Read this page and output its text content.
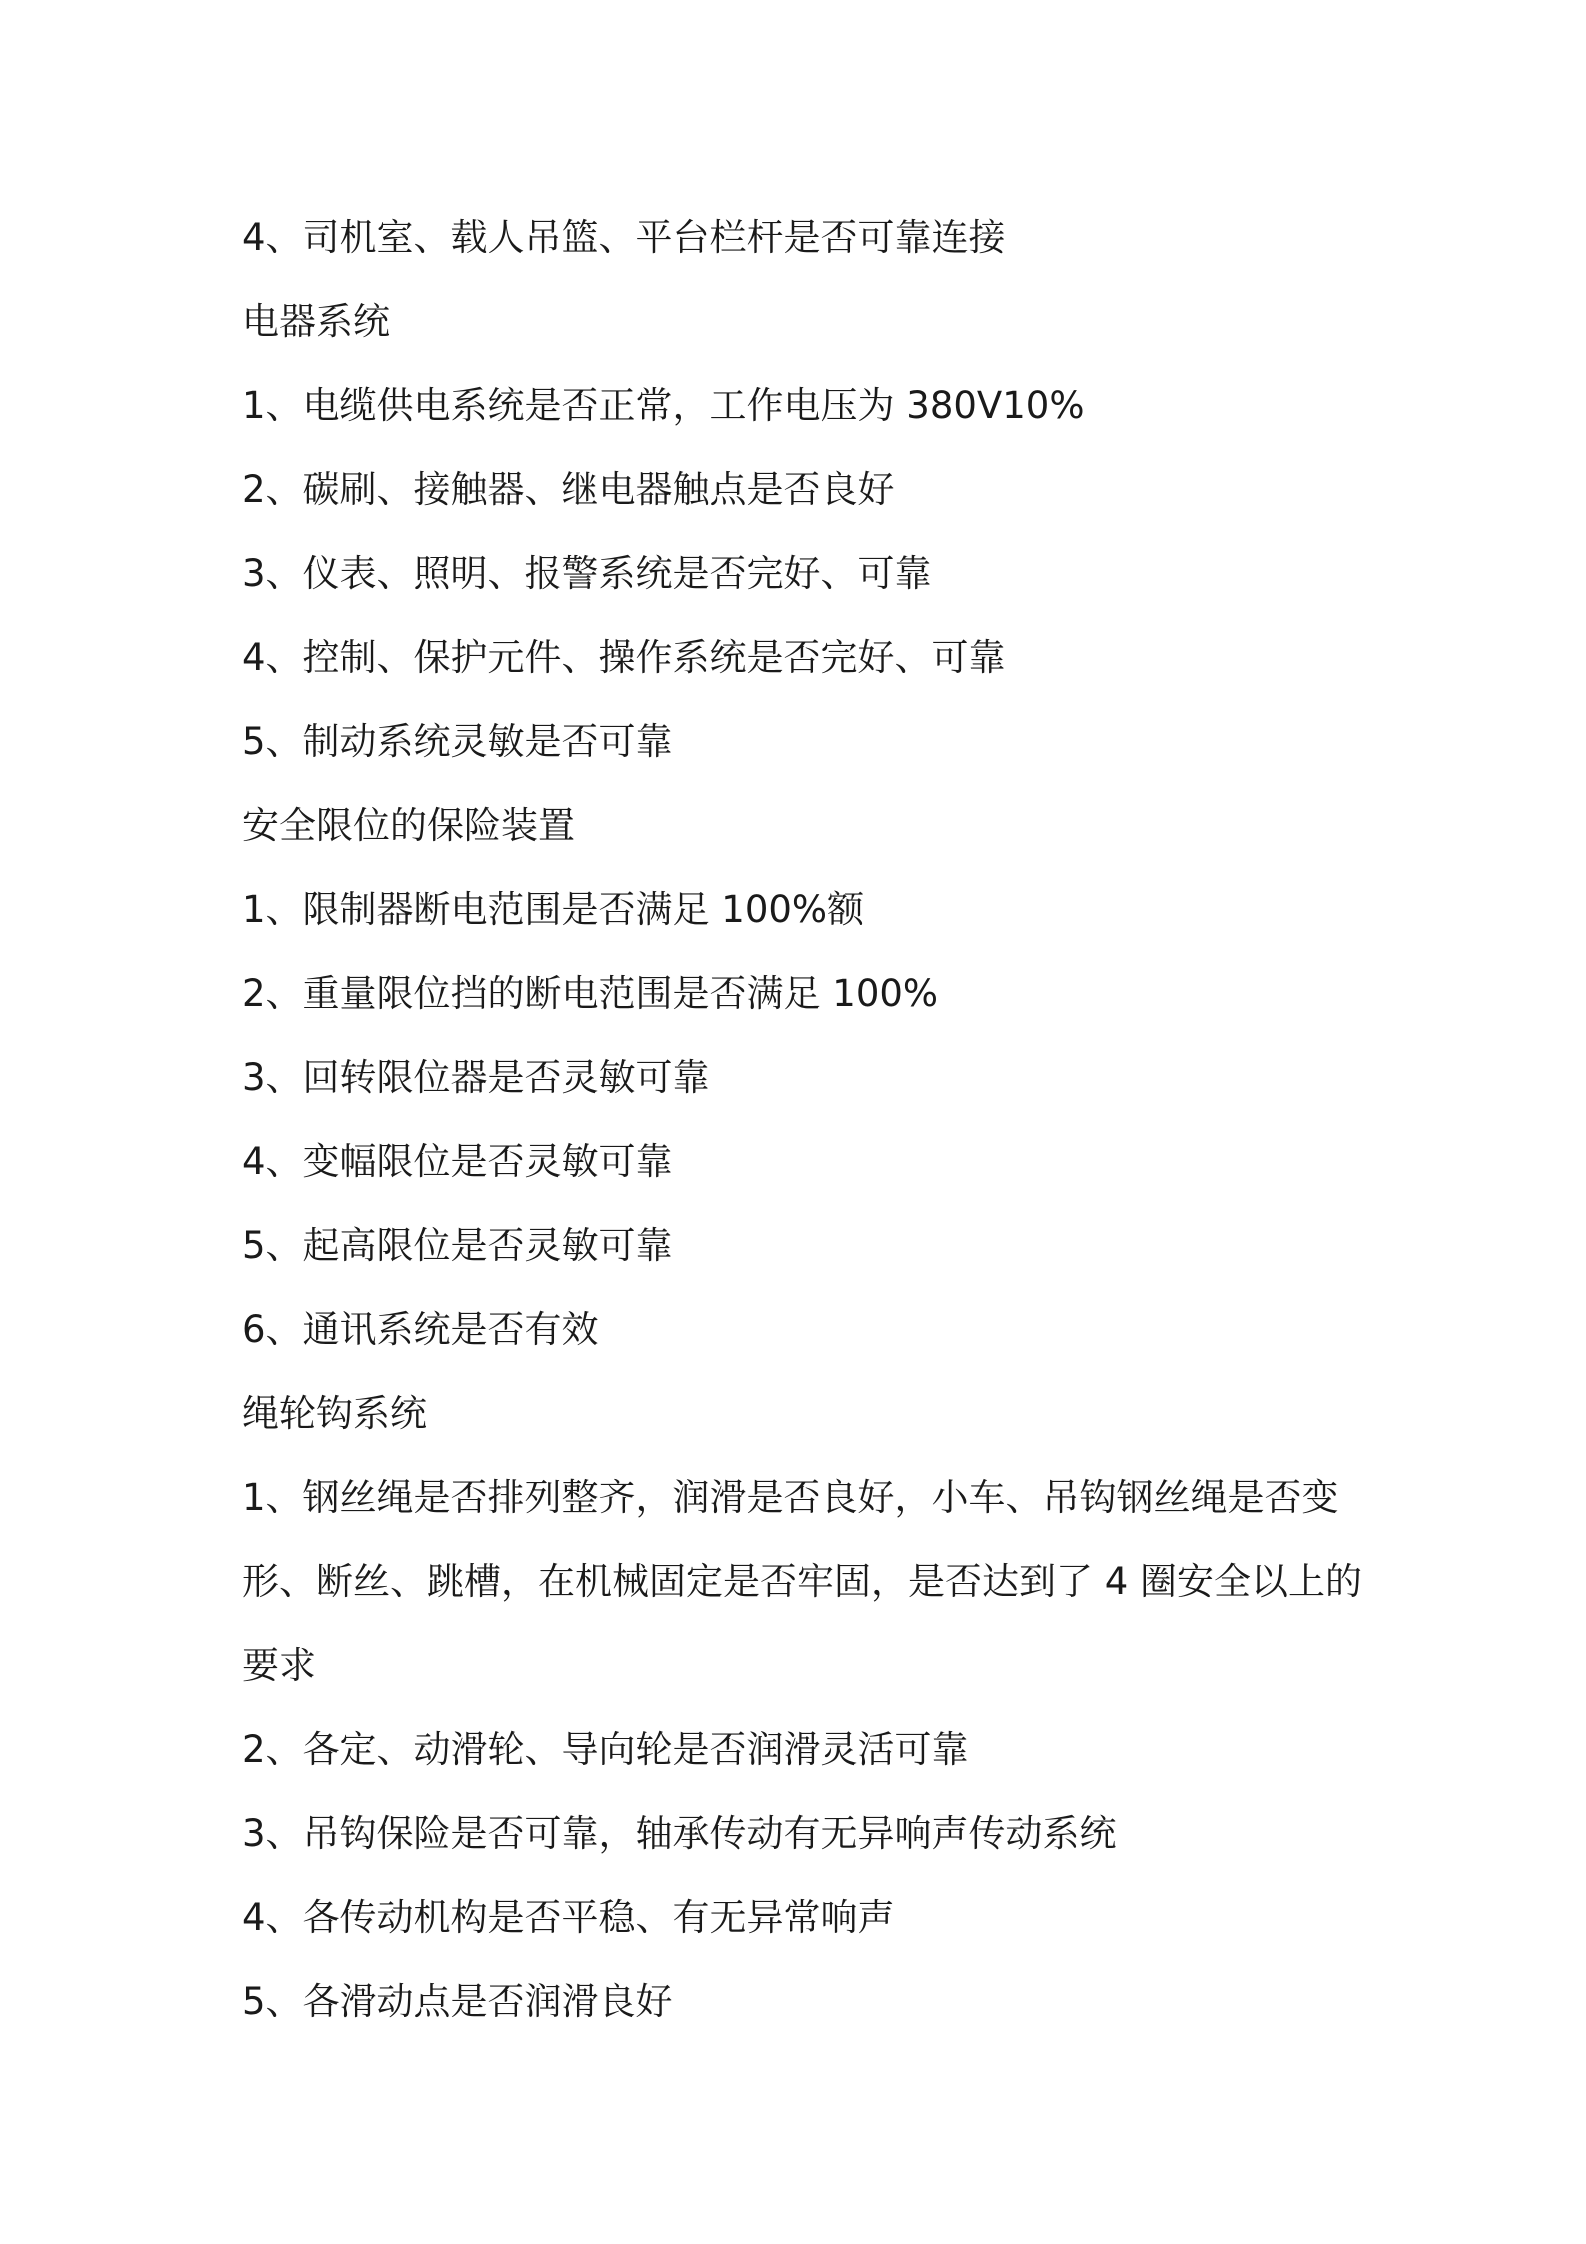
4、司机室、载人吊篮、平台栏杆是否可靠连接
电器系统
1、电缆供电系统是否正常，工作电压为 380V10%
2、碳刷、接触器、继电器触点是否良好
3、仪表、照明、报警系统是否完好、可靠
4、控制、保护元件、操作系统是否完好、可靠
5、制动系统灵敏是否可靠
安全限位的保险装置
1、限制器断电范围是否满足 100%额
2、重量限位挡的断电范围是否满足 100%
3、回转限位器是否灵敏可靠
4、变幅限位是否灵敏可靠
5、起高限位是否灵敏可靠
6、通讯系统是否有效
绳轮钩系统
1、钢丝绳是否排列整齐，润滑是否良好，小车、吊钩钢丝绳是否变
形、断丝、跳槽，在机械固定是否牢固，是否达到了 4 圈安全以上的
要求
2、各定、动滑轮、导向轮是否润滑灵活可靠
3、吊钩保险是否可靠，轴承传动有无异响声传动系统
4、各传动机构是否平稳、有无异常响声
5、各滑动点是否润滑良好
